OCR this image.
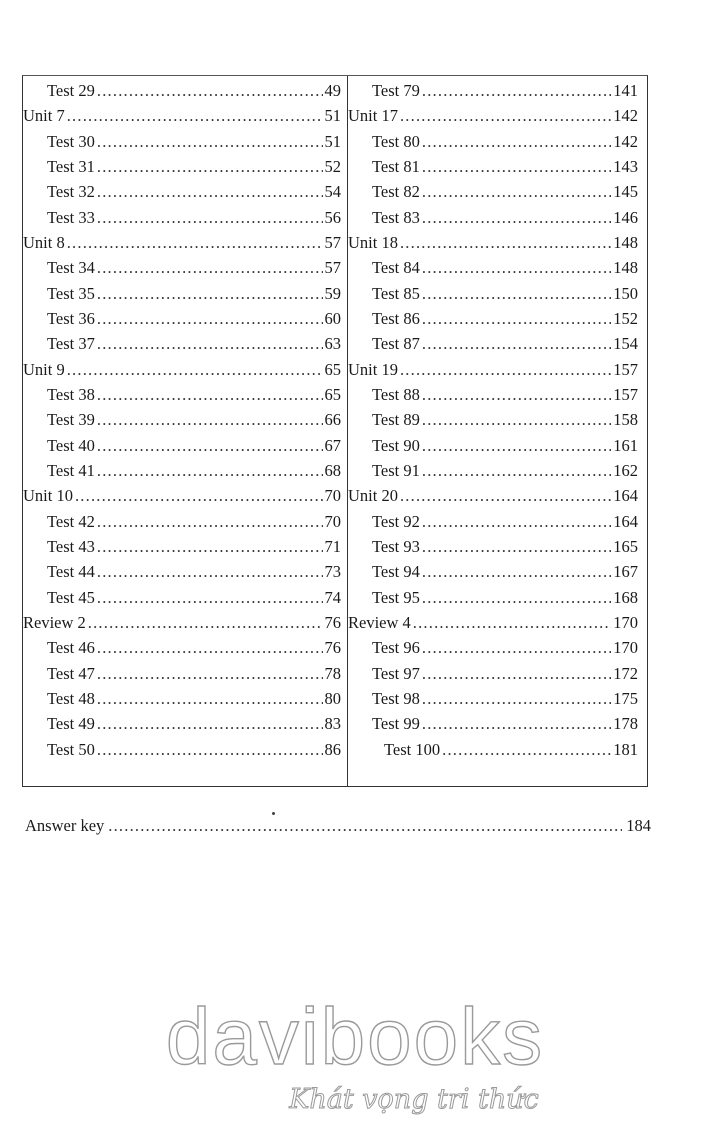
Test 29 .....	49
Unit 7 .....	51
Test 30 .....	51
Test 31 .....	52
Test 32 .....	54
Test 33 .....	56
Unit 8 .....	57
Test 34 .....	57
Test 35 .....	59
Test 36 .....	60
Test 37 .....	63
Unit 9 .....	65
Test 38 .....	65
Test 39 .....	66
Test 40 .....	67
Test 41 .....	68
Unit 10 .....	70
Test 42 .....	70
Test 43 .....	71
Test 44 .....	73
Test 45 .....	74
Review 2 .....	76
Test 46 .....	76
Test 47 .....	78
Test 48 .....	80
Test 49 .....	83
Test 50 .....	86
Test 79 .....	141
Unit 17 .....	142
Test 80 .....	142
Test 81 .....	143
Test 82 .....	145
Test 83 .....	146
Unit 18 .....	148
Test 84 .....	148
Test 85 .....	150
Test 86 .....	152
Test 87 .....	154
Unit 19 .....	157
Test 88 .....	157
Test 89 .....	158
Test 90 .....	161
Test 91 .....	162
Unit 20 .....	164
Test 92 .....	164
Test 93 .....	165
Test 94 .....	167
Test 95 .....	168
Review 4 .....	170
Test 96 .....	170
Test 97 .....	172
Test 98 .....	175
Test 99 .....	178
Test 100 .....	181
Answer key .....	184
davibooks
Khát vọng tri thức
